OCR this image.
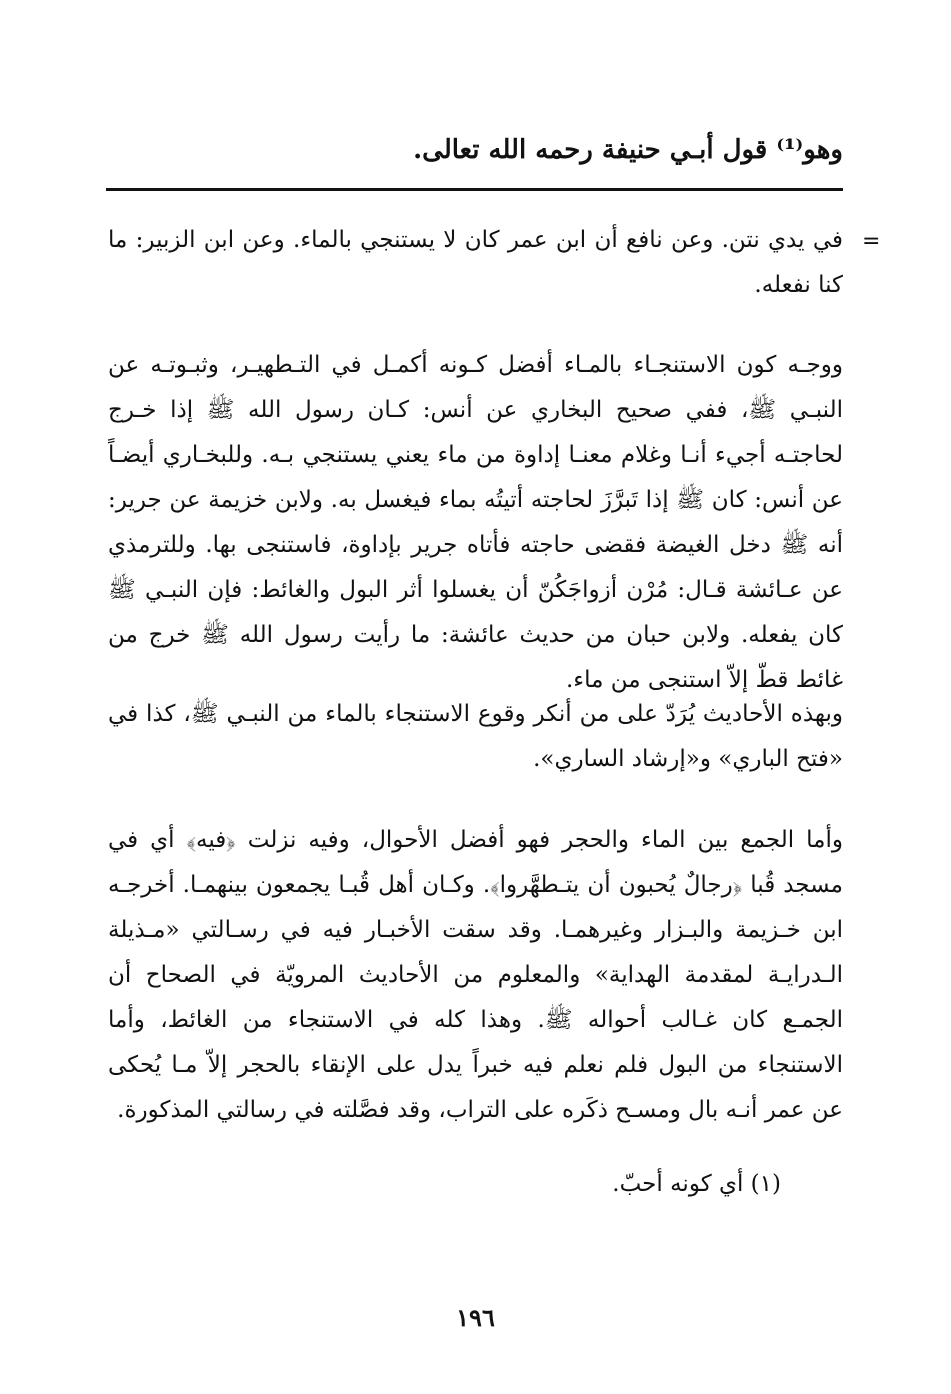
وهو⁽¹⁾ قول أبـي حنيفة رحمه الله تعالى.
=
في يدي نتن. وعن نافع أن ابن عمر كان لا يستنجي بالماء. وعن ابن الزبير: ما كنا نفعله.
ووجـه كون الاستنجـاء بالمـاء أفضل كـونه أكمـل في التـطهيـر، وثبـوتـه عن النبـي ﷺ، ففي صحيح البخاري عن أنس: كـان رسول الله ﷺ إذا خـرج لحاجتـه أجيء أنـا وغلام معنـا إداوة من ماء يعني يستنجي بـه. وللبخـاري أيضـاً عن أنس: كان ﷺ إذا تَبرَّزَ لحاجته أتيتُه بماء فيغسل به. ولابن خزيمة عن جرير: أنه ﷺ دخل الغيضة فقضى حاجته فأتاه جرير بإداوة، فاستنجى بها. وللترمذي عن عـائشة قـال: مُرْن أزواجَكُنّ أن يغسلوا أثر البول والغائط: فإن النبـي ﷺ كان يفعله. ولابن حبان من حديث عائشة: ما رأيت رسول الله ﷺ خرج من غائط قطّ إلاّ استنجى من ماء.
وبهذه الأحاديث يُرَدّ على من أنكر وقوع الاستنجاء بالماء من النبـي ﷺ، كذا في «فتح الباري» و«إرشاد الساري».
وأما الجمع بين الماء والحجر فهو أفضل الأحوال، وفيه نزلت ﴿فيه﴾ أي في مسجد قُبا ﴿رجالٌ يُحبون أن يتـطهَّروا﴾. وكـان أهل قُبـا يجمعون بينهمـا. أخرجـه ابن خـزيمة والبـزار وغيرهمـا. وقد سقت الأخبـار فيه في رسـالتي «مـذيلة الـدرايـة لمقدمة الهداية» والمعلوم من الأحاديث المرويّة في الصحاح أن الجمـع كان غـالب أحواله ﷺ. وهذا كله في الاستنجاء من الغائط، وأما الاستنجاء من البول فلم نعلم فيه خبراً يدل على الإنقاء بالحجر إلاّ مـا يُحكى عن عمر أنـه بال ومسـح ذكَره على التراب، وقد فصَّلته في رسالتي المذكورة.
(١) أي كونه أحبّ.
١٩٦
